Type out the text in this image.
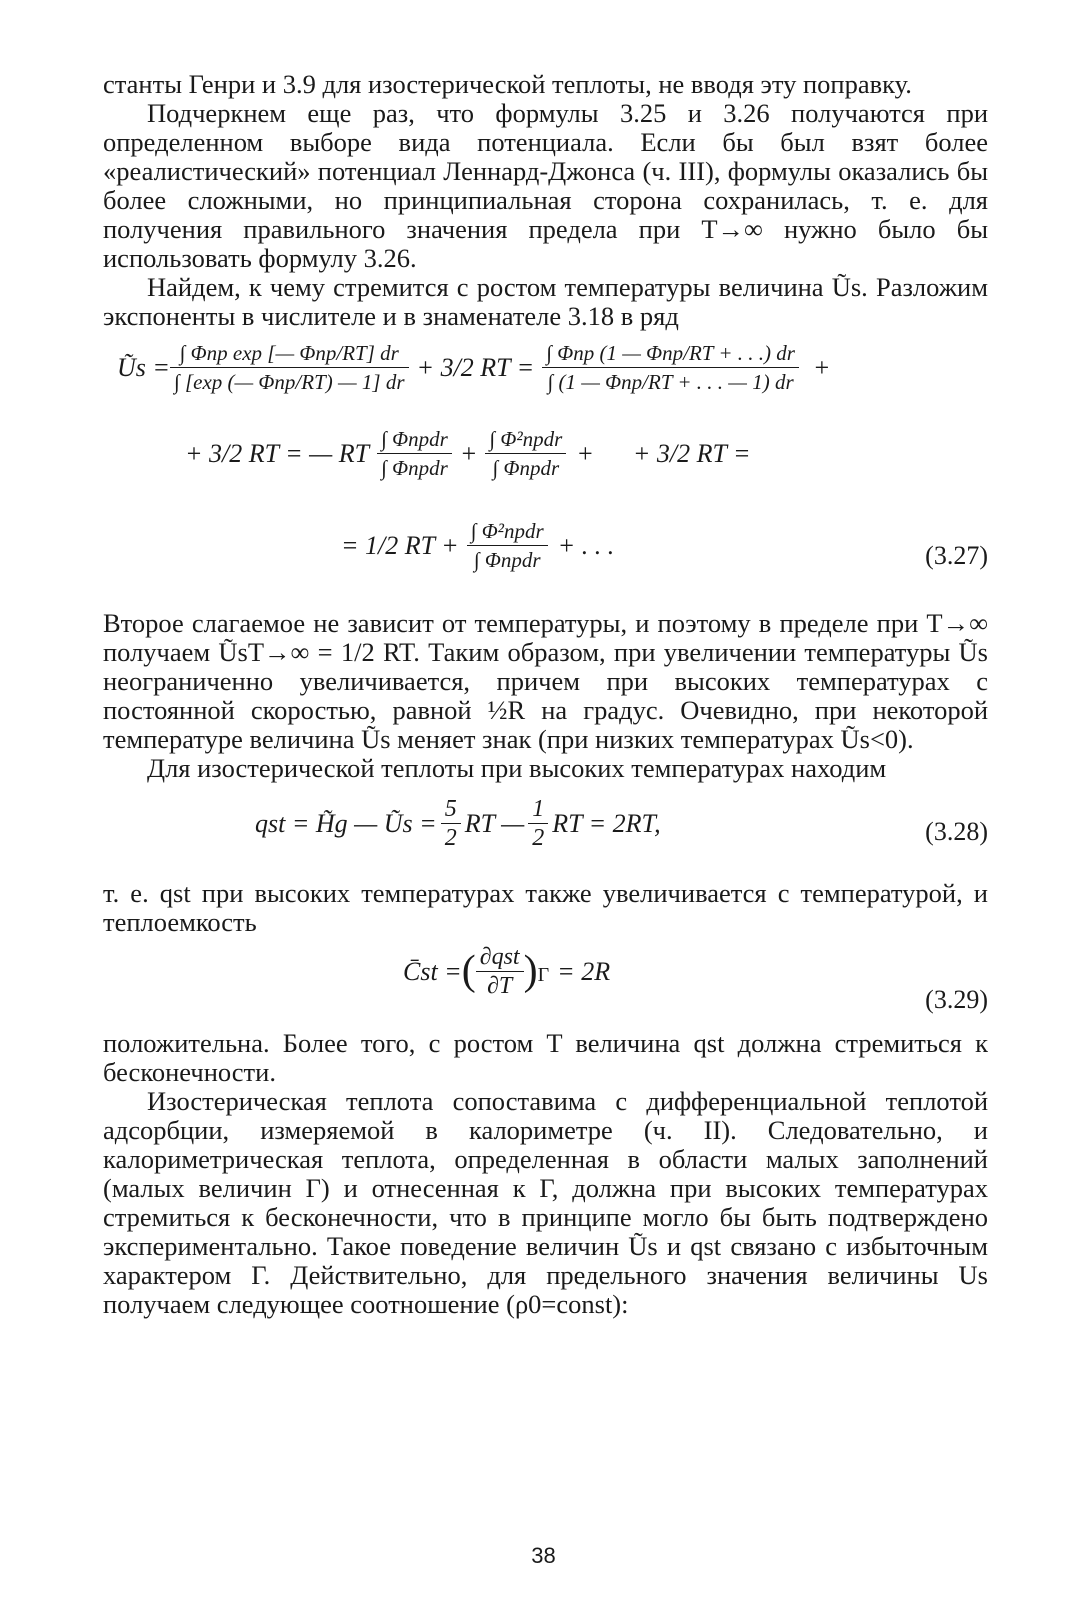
станты Генри и 3.9 для изостерической теплоты, не вводя эту поправку.

Подчеркнем еще раз, что формулы 3.25 и 3.26 получаются при определенном выборе вида потенциала. Если бы был взят более «реалистический» потенциал Леннард-Джонса (ч. III), формулы оказались бы более сложными, но принципиальная сторона сохранилась, т. е. для получения правильного значения предела при T→∞ нужно было бы использовать формулу 3.26.

Найдем, к чему стремится с ростом температуры величина Ũs. Разложим экспоненты в числителе и в знаменателе 3.18 в ряд

Ũs = $\frac{\text{∫ Φпр exp [— Φпр/RT] dr}}{\text{∫ [exp (— Φпр/RT) — 1] dr}} + 3/2$ RT = $\frac{\text{∫ Φпр (1 — Φпр/RT + . . .) dr}}{\text{∫ (1 — Φпр/RT + . . . — 1) dr}}$ +
+ 3/2 RT = — RT $\frac{\text{∫ Φпрdr}}{\text{∫ Φпрdr}} + \frac{\text{∫ Φ²прdr}}{\text{∫ Φпрdr}}$ +      + 3/2 RT =
= 1/2 RT + $\frac{\text{∫ Φ²прdr}}{\text{∫ Φпрdr}}$ + . . .	(3.27)

Второе слагаемое не зависит от температуры, и поэтому в пределе при T→∞ получаем ŨsT→∞ = 1/2 RT. Таким образом, при увеличении температуры Ũs неограниченно увеличивается, причем при высоких температурах с постоянной скоростью, равной ½R на градус. Очевидно, при некоторой температуре величина Ũs меняет знак (при низких температурах Ũs<0).

Для изостерической теплоты при высоких температурах находим

qst = H̃g — Ũs = $\frac{5}{2}$ RT — $\frac{1}{2}$ RT = 2RT,	(3.28)

т. е. qst при высоких температурах также увеличивается с температурой, и теплоемкость

C̄st = ( $\frac{\text{∂qst}}{\partial T}$ ) Г = 2R
(3.29)

положительна. Более того, с ростом T величина qst должна стремиться к бесконечности.

Изостерическая теплота сопоставима с дифференциальной теплотой адсорбции, измеряемой в калориметре (ч. II). Следовательно, и калориметрическая теплота, определенная в области малых заполнений (малых величин Г) и отнесенная к Г, должна при высоких температурах стремиться к бесконечности, что в принципе могло бы быть подтверждено экспериментально. Такое поведение величин Ũs и qst связано с избыточным характером Г. Действительно, для предельного значения величины Us получаем следующее соотношение (ρ0=const):

38
